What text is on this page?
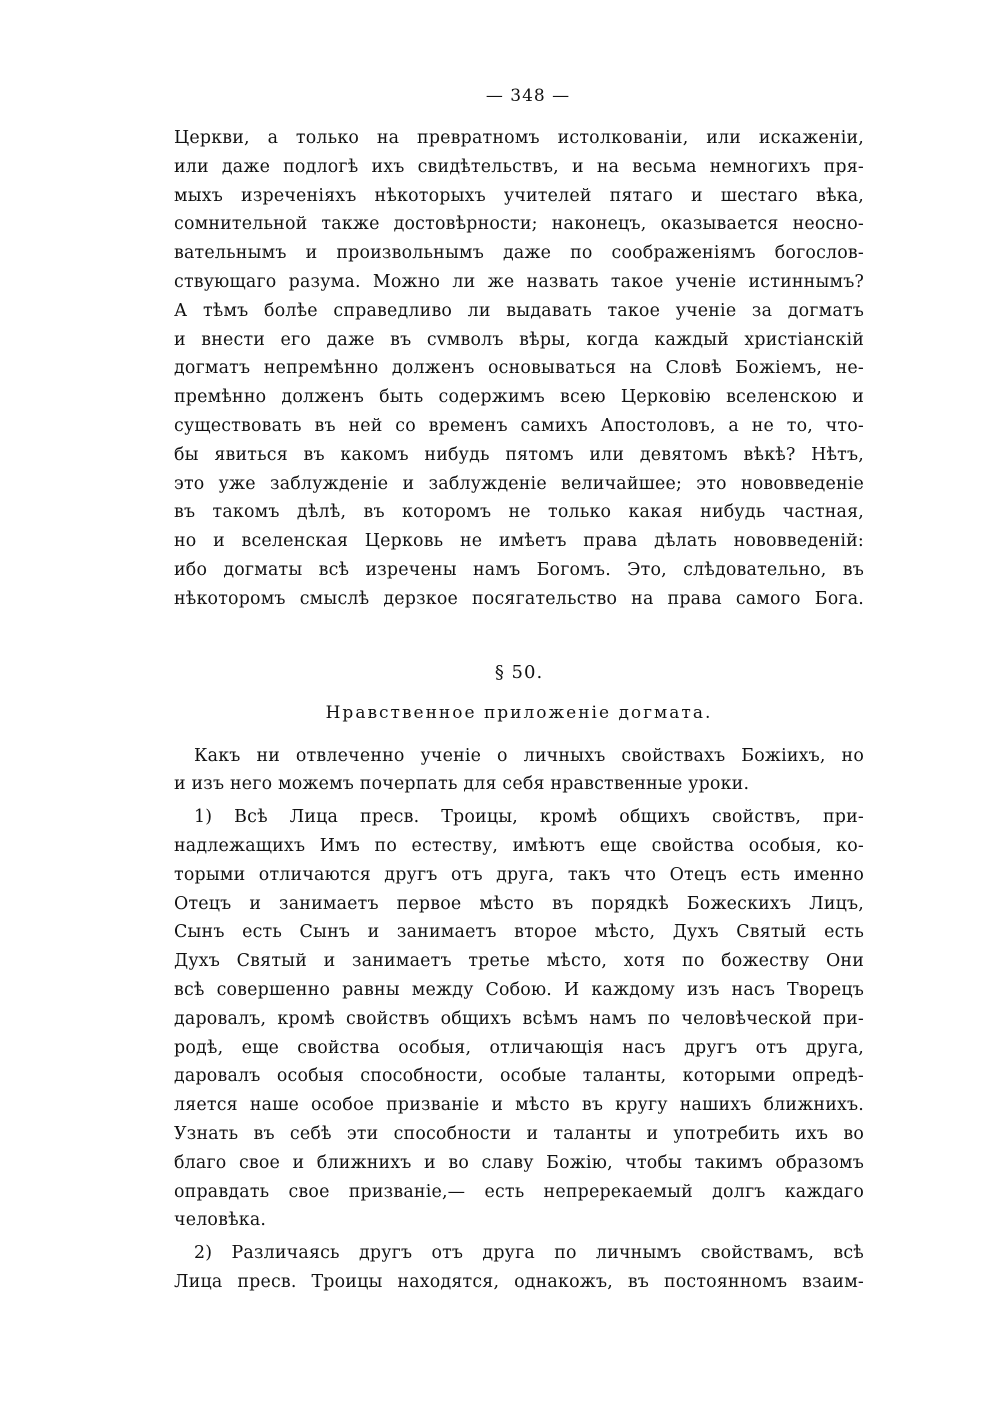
— 348 —
Церкви, а только на превратномъ истолкованіи, или искаженіи,
или даже подлогѣ ихъ свидѣтельствъ, и на весьма немногихъ пря-
мыхъ изреченіяхъ нѣкоторыхъ учителей пятаго и шестаго вѣка,
сомнительной также достовѣрности; наконецъ, оказывается неосно-
вательнымъ и произвольнымъ даже по соображеніямъ богослов-
ствующаго разума. Можно ли же назвать такое ученіе истиннымъ?
А тѣмъ болѣе справедливо ли выдавать такое ученіе за догматъ
и внести его даже въ сvмволъ вѣры, когда каждый христіанскій
догматъ непремѣнно долженъ основываться на Словѣ Божіемъ, не-
премѣнно долженъ быть содержимъ всею Церковію вселенскою и
существовать въ ней со временъ самихъ Апостоловъ, а не то, что-
бы явиться въ какомъ нибудь пятомъ или девятомъ вѣкѣ? Нѣтъ,
это уже заблужденіе и заблужденіе величайшее; это нововведеніе
въ такомъ дѣлѣ, въ которомъ не только какая нибудь частная,
но и вселенская Церковь не имѣетъ права дѣлать нововведеній:
ибо догматы всѣ изречены намъ Богомъ. Это, слѣдовательно, въ
нѣкоторомъ смыслѣ дерзкое посягательство на права самого Бога.
§ 50.
Нравственное приложеніе догмата.
Какъ ни отвлеченно ученіе о личныхъ свойствахъ Божіихъ, но
и изъ него можемъ почерпать для себя нравственные уроки.
1) Всѣ Лица пресв. Троицы, кромѣ общихъ свойствъ, при-
надлежащихъ Имъ по естеству, имѣютъ еще свойства особыя, ко-
торыми отличаются другъ отъ друга, такъ что Отецъ есть именно
Отецъ и занимаетъ первое мѣсто въ порядкѣ Божескихъ Лицъ,
Сынъ есть Сынъ и занимаетъ второе мѣсто, Духъ Святый есть
Духъ Святый и занимаетъ третье мѣсто, хотя по божеству Они
всѣ совершенно равны между Собою. И каждому изъ насъ Творецъ
даровалъ, кромѣ свойствъ общихъ всѣмъ намъ по человѣческой при-
родѣ, еще свойства особыя, отличающія насъ другъ отъ друга,
даровалъ особыя способности, особые таланты, которыми опредѣ-
ляется наше особое призваніе и мѣсто въ кругу нашихъ ближнихъ.
Узнать въ себѣ эти способности и таланты и употребить ихъ во
благо свое и ближнихъ и во славу Божію, чтобы такимъ образомъ
оправдать свое призваніе,— есть непререкаемый долгъ каждаго
человѣка.
2) Различаясь другъ отъ друга по личнымъ свойствамъ, всѣ
Лица пресв. Троицы находятся, однакожъ, въ постоянномъ взаим-
